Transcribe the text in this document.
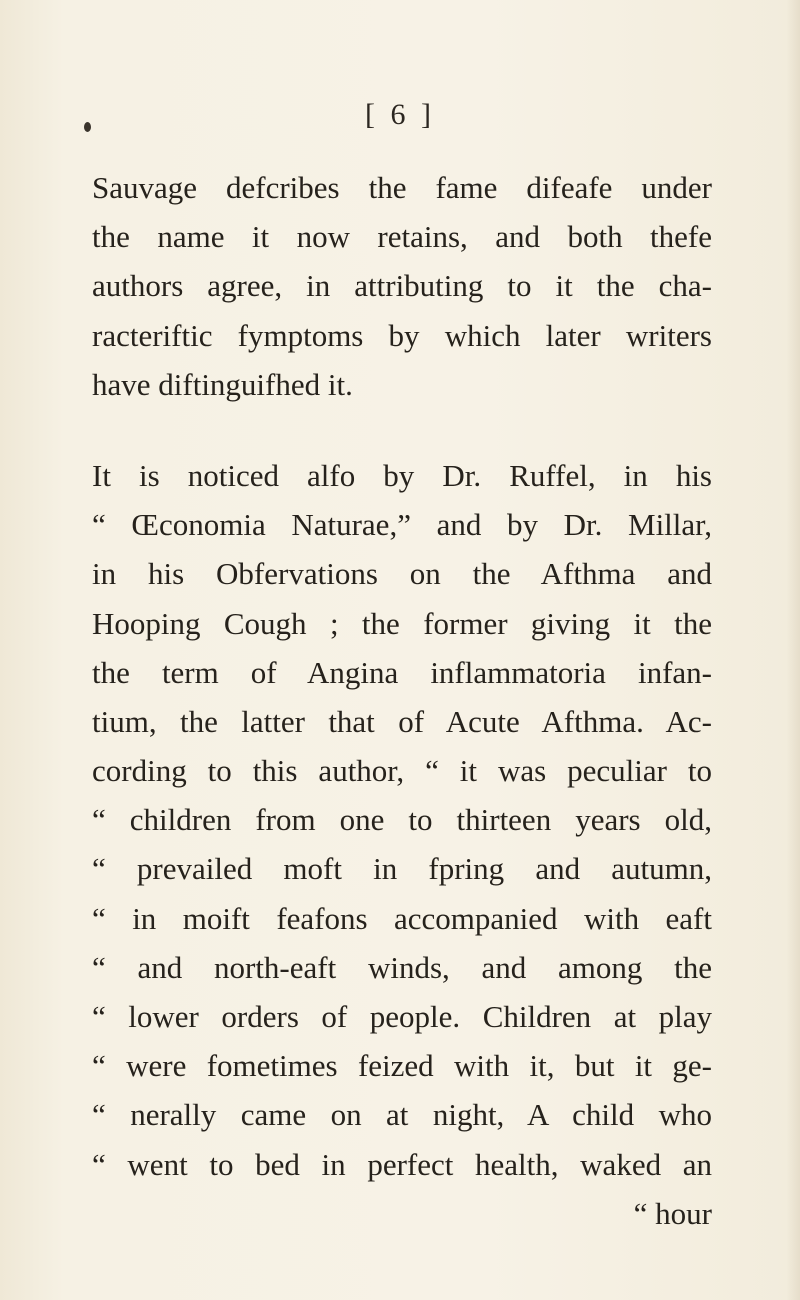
[ 6 ]
Sauvage defcribes the fame difeafe under
the name it now retains, and both thefe
authors agree, in attributing to it the cha-
racteriftic fymptoms by which later writers
have diftinguifhed it.
It is noticed alfo by Dr. Ruffel, in his
“ Œconomia Naturae,” and by Dr. Millar,
in his Obfervations on the Afthma and
Hooping Cough ; the former giving it the
the term of Angina inflammatoria infan-
tium, the latter that of Acute Afthma. Ac-
cording to this author, “ it was peculiar to
“ children from one to thirteen years old,
“ prevailed moft in fpring and autumn,
“ in moift feafons accompanied with eaft
“ and north-eaft winds, and among the
“ lower orders of people. Children at play
“ were fometimes feized with it, but it ge-
“ nerally came on at night, A child who
“ went to bed in perfect health, waked an
“ hour
